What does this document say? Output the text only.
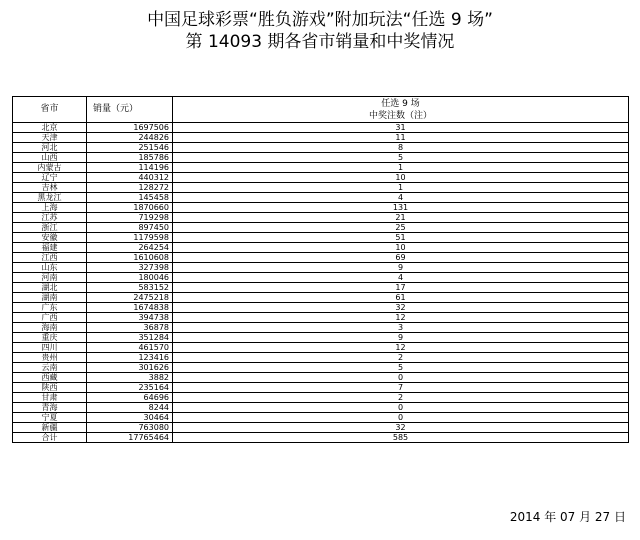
中国足球彩票“胜负游戏”附加玩法“任选 9 场”
第 14093 期各省市销量和中奖情况
省市	销量（元）	任选 9 场
中奖注数（注）

北京	1697506	31
天津	244826	11
河北	251546	8
山西	185786	5
内蒙古	114196	1
辽宁	440312	10
吉林	128272	1
黑龙江	145458	4
上海	1870660	131
江苏	719298	21
浙江	897450	25
安徽	1179598	51
福建	264254	10
江西	1610608	69
山东	327398	9
河南	180046	4
湖北	583152	17
湖南	2475218	61
广东	1674838	32
广西	394738	12
海南	36878	3
重庆	351284	9
四川	461570	12
贵州	123416	2
云南	301626	5
西藏	3882	0
陕西	235164	7
甘肃	64696	2
青海	8244	0
宁夏	30464	0
新疆	763080	32
合计	17765464	585
2014 年 07 月 27 日
